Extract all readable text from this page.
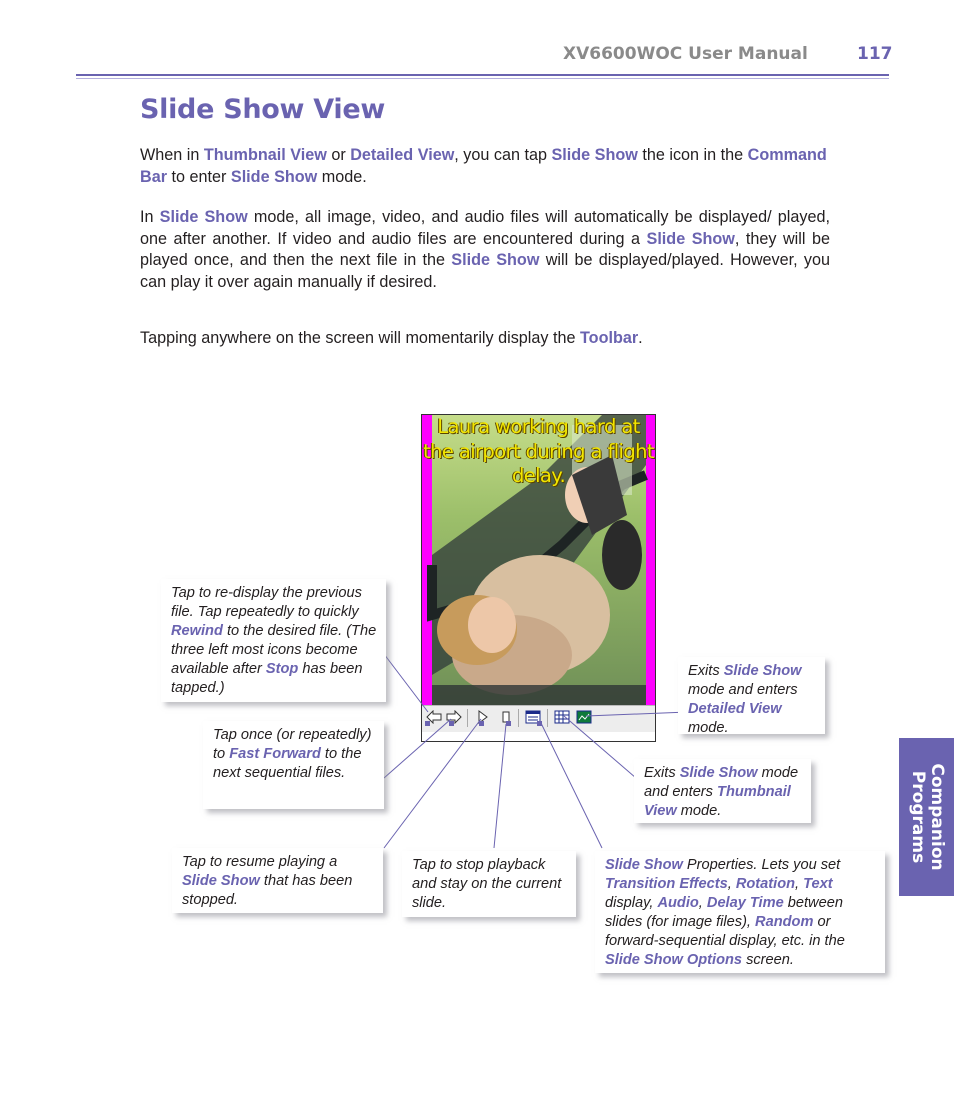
XV6600WOC User Manual	117
Slide Show View
When in Thumbnail View or Detailed View, you can tap Slide Show the icon in the Command Bar to enter Slide Show mode.
In Slide Show mode, all image, video, and audio files will automatically be displayed/ played, one after another. If video and audio files are encountered during a Slide Show, they will be played once, and then the next file in the Slide Show will be displayed/played. However, you can play it over again manually if desired.
Tapping anywhere on the screen will momentarily display the Toolbar.
Laura working hard at the airport during a flight delay.
Tap to re-display the previous file. Tap repeatedly to quickly Rewind to the desired file. (The three left most icons become available after Stop has been tapped.)
Tap once (or repeatedly) to Fast Forward to the next sequential files.
Tap to resume playing a Slide Show that has been stopped.
Tap to stop playback and stay on the current slide.
Exits Slide Show mode and enters Detailed View mode.
Exits Slide Show mode and enters Thumbnail View mode.
Slide Show Properties. Lets you set Transition Effects, Rotation, Text display, Audio, Delay Time between slides (for image files), Random or forward-sequential display, etc. in the Slide Show Options screen.
Companion
Programs
